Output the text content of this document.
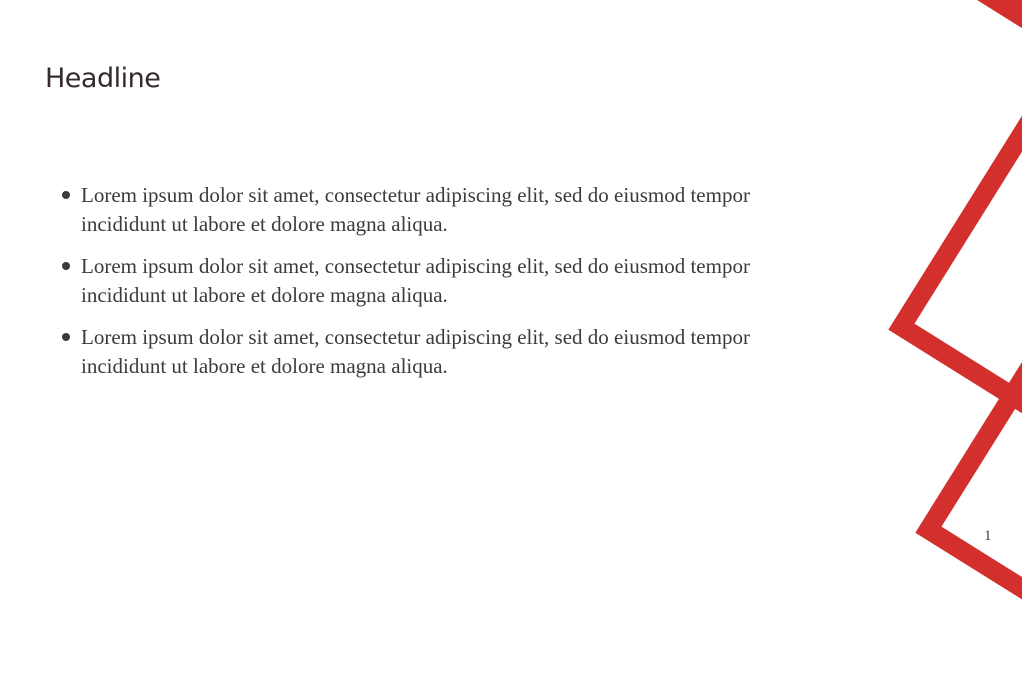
Headline
Lorem ipsum dolor sit amet, consectetur adipiscing elit, sed do eiusmod tempor incididunt ut labore et dolore magna aliqua.
Lorem ipsum dolor sit amet, consectetur adipiscing elit, sed do eiusmod tempor incididunt ut labore et dolore magna aliqua.
Lorem ipsum dolor sit amet, consectetur adipiscing elit, sed do eiusmod tempor incididunt ut labore et dolore magna aliqua.
1
